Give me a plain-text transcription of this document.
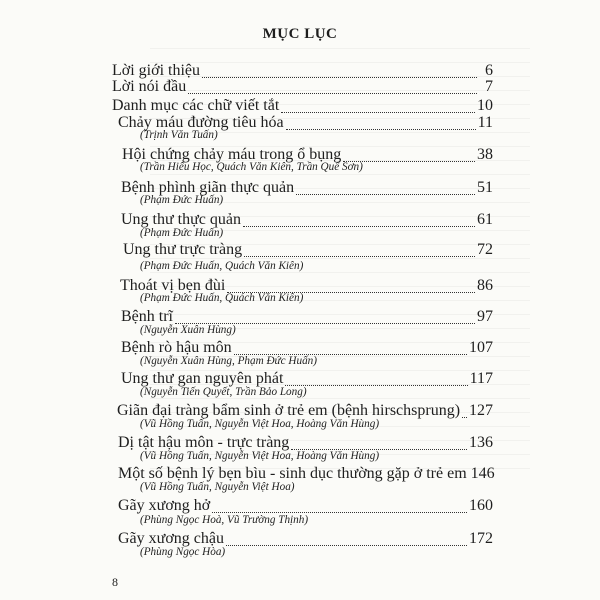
MỤC LỤC
Lời giới thiệu	6
Lời nói đầu	7
Danh mục các chữ viết tắt	10
Chảy máu đường tiêu hóa	11
(Trịnh Văn Tuấn)
Hội chứng chảy máu trong ổ bụng	38
(Trần Hiếu Học, Quách Văn Kiên, Trần Quế Sơn)
Bệnh phình giãn thực quản	51
(Phạm Đức Huấn)
Ung thư thực quản	61
(Phạm Đức Huấn)
Ung thư trực tràng	72
(Phạm Đức Huấn, Quách Văn Kiên)
Thoát vị bẹn đùi	86
(Phạm Đức Huấn, Quách Văn Kiên)
Bệnh trĩ	97
(Nguyễn Xuân Hùng)
Bệnh rò hậu môn	107
(Nguyễn Xuân Hùng, Phạm Đức Huấn)
Ung thư gan nguyên phát	117
(Nguyễn Tiến Quyết, Trần Bảo Long)
Giãn đại tràng bẩm sinh ở trẻ em (bệnh hirschsprung) 127
(Vũ Hồng Tuấn, Nguyễn Việt Hoa, Hoàng Văn Hùng)
Dị tật hậu môn - trực tràng	136
(Vũ Hồng Tuấn, Nguyễn Việt Hoa, Hoàng Văn Hùng)
Một số bệnh lý bẹn bìu - sinh dục thường gặp ở trẻ em 146
(Vũ Hồng Tuấn, Nguyễn Việt Hoa)
Gãy xương hở	160
(Phùng Ngọc Hoà, Vũ Trường Thịnh)
Gãy xương chậu	172
(Phùng Ngọc Hòa)
8
